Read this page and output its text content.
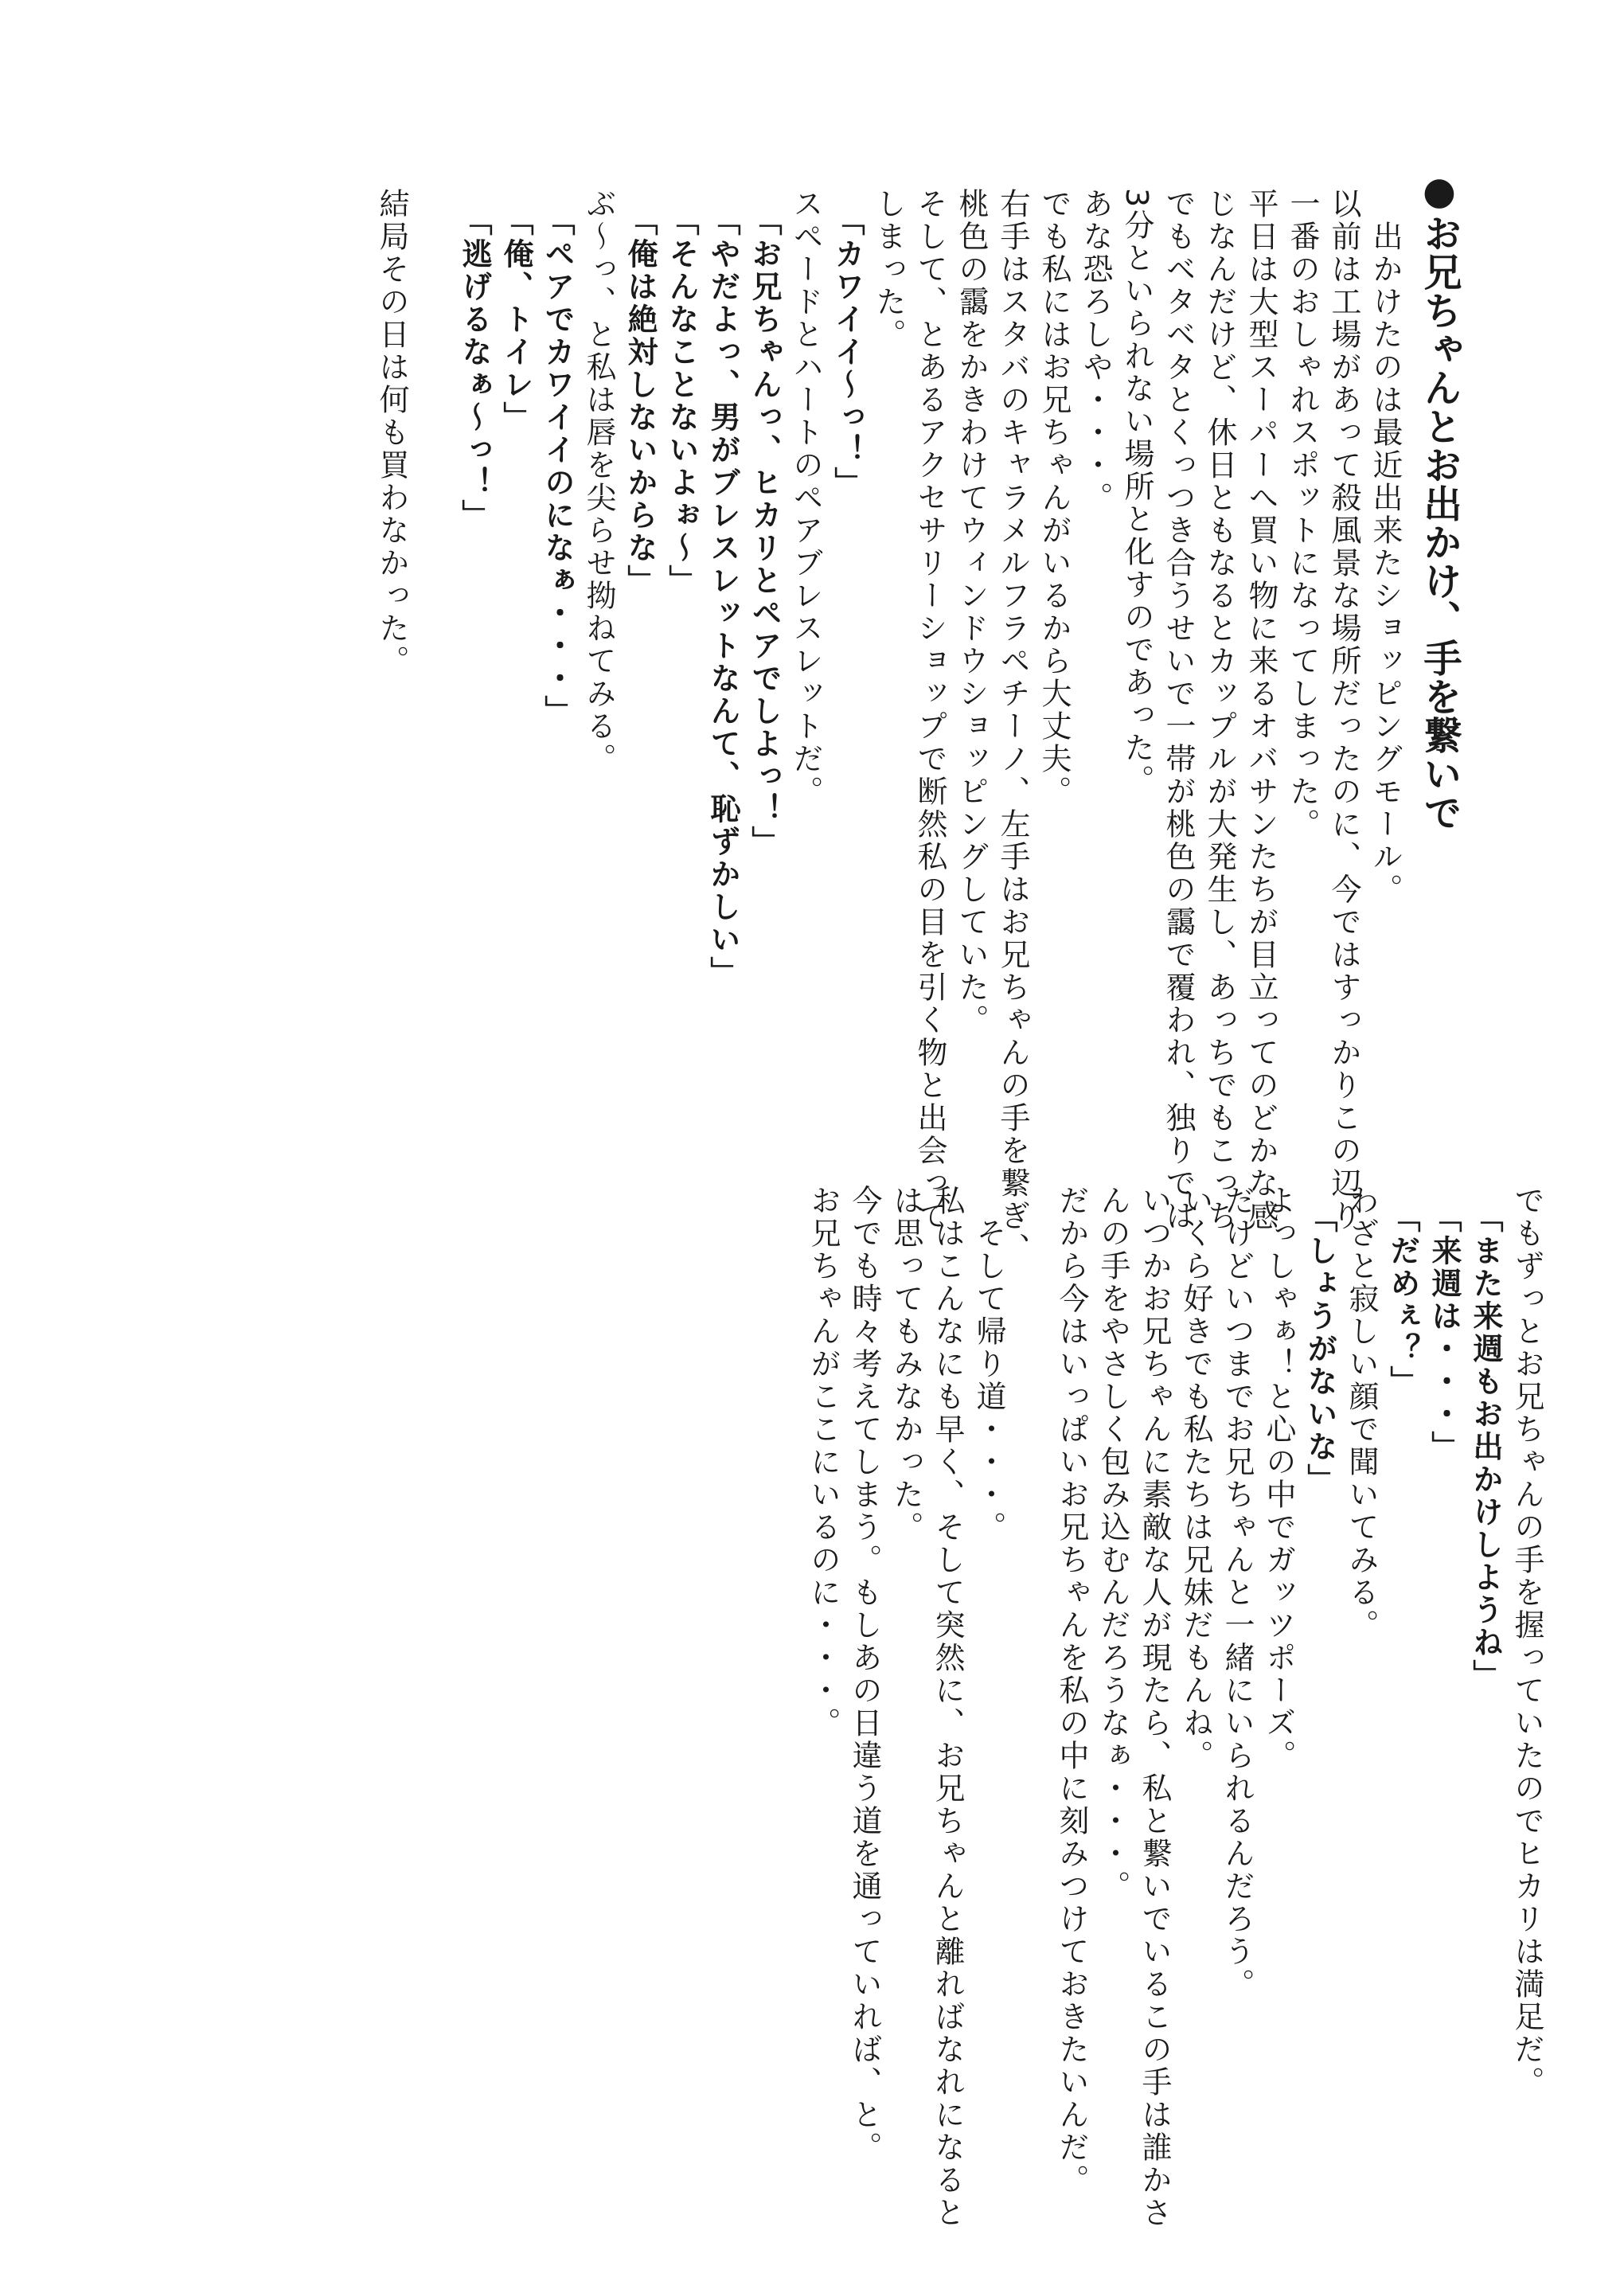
●お兄ちゃんとお出かけ、手を繋いで
　出かけたのは最近出来たショッピングモール。
以前は工場があって殺風景な場所だったのに、今ではすっかりこの辺り
一番のおしゃれスポットになってしまった。
平日は大型スーパーへ買い物に来るオバサンたちが目立ってのどかな感
じなんだけど、休日ともなるとカップルが大発生し、あっちでもこっち
でもベタベタとくっつき合うせいで一帯が桃色の靄で覆われ、独りでは
3分といられない場所と化すのであった。
あな恐ろしや・・・。
でも私にはお兄ちゃんがいるから大丈夫。
右手はスタバのキャラメルフラペチーノ、左手はお兄ちゃんの手を繋ぎ、
桃色の靄をかきわけてウィンドウショッピングしていた。
そして、とあるアクセサリーショップで断然私の目を引く物と出会って
しまった。
　「カワイイ～っ！」
スペードとハートのペアブレスレットだ。
　「お兄ちゃんっ、ヒカリとペアでしよっ！」
　「やだよっ、男がブレスレットなんて、恥ずかしい」
　「そんなことないよぉ～」
　「俺は絶対しないからな」
ぶ～っ、と私は唇を尖らせ拗ねてみる。
　「ペアでカワイイのになぁ・・・」
　「俺、トイレ」
　「逃げるなぁ～っ！」
結局その日は何も買わなかった。
でもずっとお兄ちゃんの手を握っていたのでヒカリは満足だ。
　「また来週もお出かけしようね」
　「来週は・・・」
　「だめぇ？」
わざと寂しい顔で聞いてみる。
　「しょうがないな」
よっしゃぁ！と心の中でガッツポーズ。
だけどいつまでお兄ちゃんと一緒にいられるんだろう。
いくら好きでも私たちは兄妹だもんね。
いつかお兄ちゃんに素敵な人が現たら、私と繋いでいるこの手は誰かさ
んの手をやさしく包み込むんだろうなぁ・・・。
だから今はいっぱいお兄ちゃんを私の中に刻みつけておきたいんだ。
　そして帰り道・・・。
私はこんなにも早く、そして突然に、お兄ちゃんと離ればなれになると
は思ってもみなかった。
今でも時々考えてしまう。もしあの日違う道を通っていれば、と。
お兄ちゃんがここにいるのに・・・。
